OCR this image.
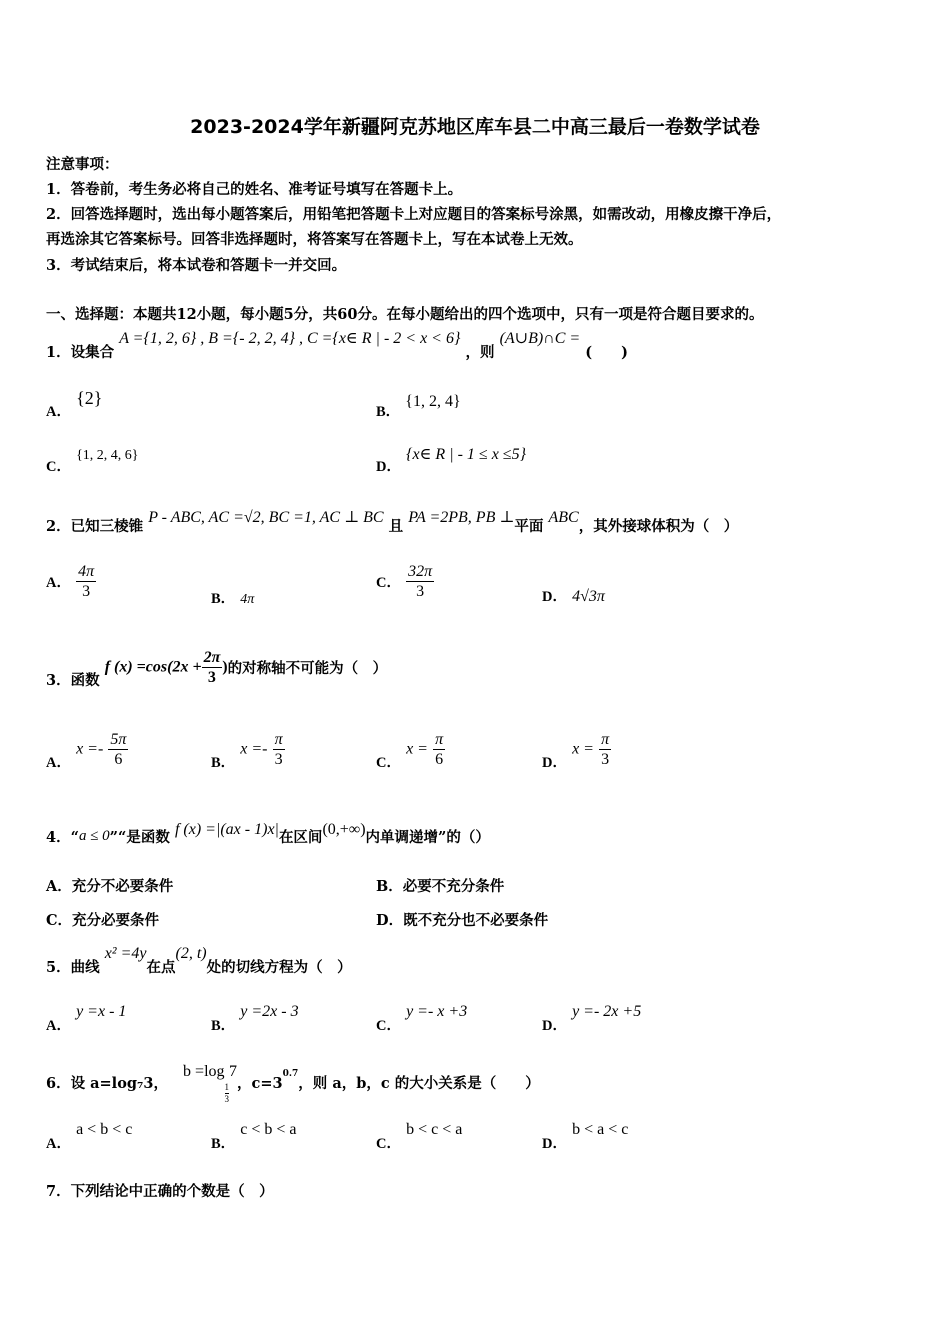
2023-2024学年新疆阿克苏地区库车县二中高三最后一卷数学试卷
注意事项：
1．答卷前，考生务必将自己的姓名、准考证号填写在答题卡上。
2．回答选择题时，选出每小题答案后，用铅笔把答题卡上对应题目的答案标号涂黑，如需改动，用橡皮擦干净后，
再选涂其它答案标号。回答非选择题时，将答案写在答题卡上，写在本试卷上无效。
3．考试结束后，将本试卷和答题卡一并交回。
一、选择题：本题共12小题，每小题5分，共60分。在每小题给出的四个选项中，只有一项是符合题目要求的。
1．设集合 A ={1, 2, 6} , B ={- 2, 2, 4} , C ={x∈ R | - 2 < x < 6} ，则 (A∪B)∩C = (　　)
A． {2}
B． {1, 2, 4}
C． {1, 2, 4, 6}
D． {x∈ R | - 1 ≤ x ≤5}
2．已知三棱锥 P - ABC, AC =√2, BC =1, AC ⊥ BC 且 PA =2PB, PB ⊥平面 ABC，其外接球体积为（　）
A． $\frac{4\pi}{3}$	B． 4π
C． $\frac{32\pi}{3}$	D． 4√3π
3．函数 f $(x) =\cos(2x + \frac{2\pi}{3}$ )的对称轴不可能为（　）
A． $x =- \frac{5\pi}{6}$	B． $x =- \frac{\pi}{3}$	C． $x = \frac{\pi}{6}$	D． $x = \frac{\pi}{3}$
4．“a ≤ 0”“是函数 f (x) =|(ax - 1)x|在区间(0,+∞)内单调递增”的（）
A．充分不必要条件	B．必要不充分条件
C．充分必要条件	D．既不充分也不必要条件
5．曲线 x² =4y在点(2, t)处的切线方程为（　）
A． y =x - 1
B． y =2x - 3
C． y =- x +3
D． y =- 2x +5
6．设 a=log₇3， b =log
$\frac{1}{3}$
7，$c=3^{0.7}$，则 a，b，c 的大小关系是（　　）
A． a < b < c
B． c < b < a
C． b < c < a
D． b < a < c
7．下列结论中正确的个数是（　）
